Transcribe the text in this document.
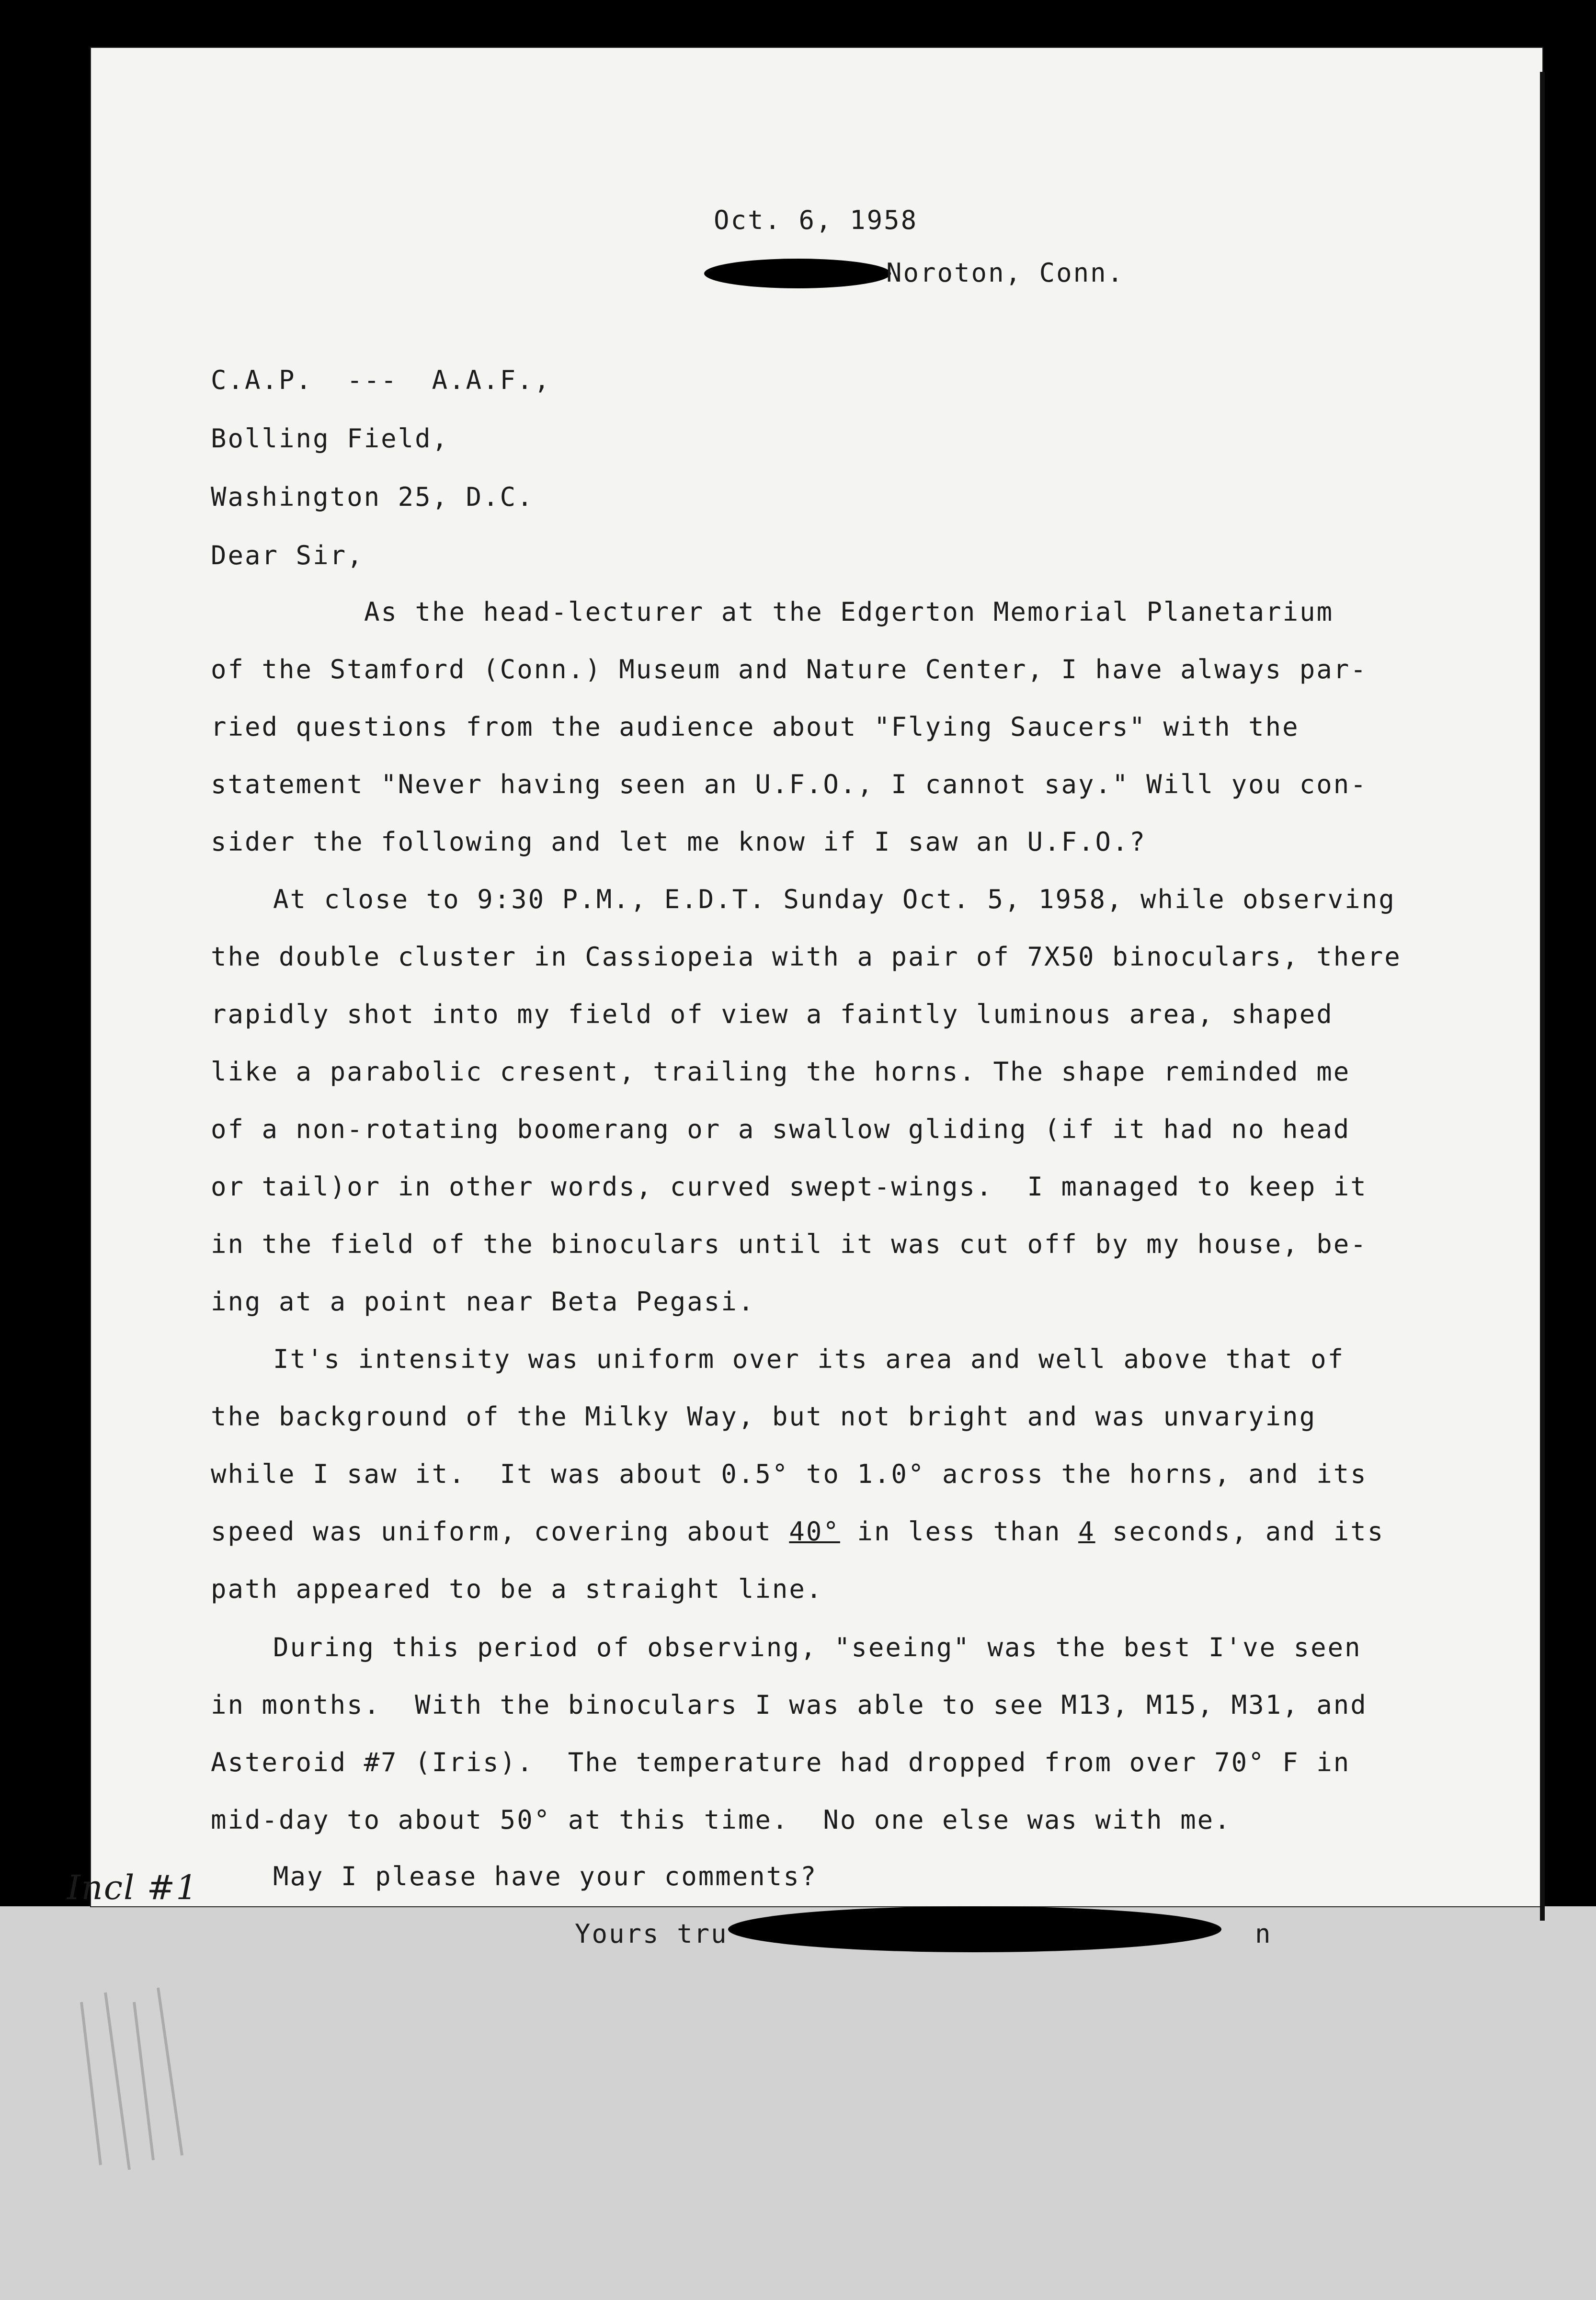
Oct. 6, 1958
Noroton, Conn.
C.A.P.  ---  A.A.F.,
Bolling Field,
Washington 25, D.C.
Dear Sir,
As the head-lecturer at the Edgerton Memorial Planetarium
of the Stamford (Conn.) Museum and Nature Center, I have always par-
ried questions from the audience about "Flying Saucers" with the
statement "Never having seen an U.F.O., I cannot say." Will you con-
sider the following and let me know if I saw an U.F.O.?
At close to 9:30 P.M., E.D.T. Sunday Oct. 5, 1958, while observing
the double cluster in Cassiopeia with a pair of 7X50 binoculars, there
rapidly shot into my field of view a faintly luminous area, shaped
like a parabolic cresent, trailing the horns. The shape reminded me
of a non-rotating boomerang or a swallow gliding (if it had no head
or tail)or in other words, curved swept-wings.  I managed to keep it
in the field of the binoculars until it was cut off by my house, be-
ing at a point near Beta Pegasi.
It's intensity was uniform over its area and well above that of
the background of the Milky Way, but not bright and was unvarying
while I saw it.  It was about 0.5° to 1.0° across the horns, and its
speed was uniform, covering about 40° in less than 4 seconds, and its
path appeared to be a straight line.
During this period of observing, "seeing" was the best I've seen
in months.  With the binoculars I was able to see M13, M15, M31, and
Asteroid #7 (Iris).  The temperature had dropped from over 70° F in
mid-day to about 50° at this time.  No one else was with me.
May I please have your comments?
Yours tru	n
Incl #1
